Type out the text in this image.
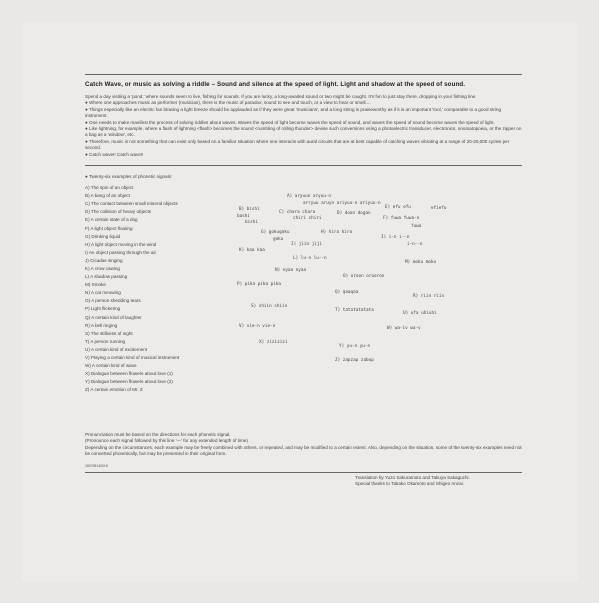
Catch Wave, or music as solving a riddle – Sound and silence at the speed of light. Light and shadow at the speed of sound.

Spend a day visiting a 'pond,' where sounds seem to live, fishing for sounds. If you are lucky, a long-awaited sound or two might be caught. It's fun to just stay there, dropping in your fishing line.

● Where one approaches music as performer (musician), there is the music of paradox; sound to see and touch, or a view to hear or smell....

● Things especially like an electric fan blowing a light breeze should be applauded as if they were great 'musicians', and a long string is praiseworthy as if it is an important 'tool,' comparable to a good string instrument.

● One needs to make manifest the process of solving riddles about waves. Waves the speed of light become waves the speed of sound, and waves the speed of sound become waves the speed of light.

● Like lightning, for example, where a flash of lightning <flash> becomes the sound <rumbling of rolling thunder> devise such conversions using a photoelectric transducer, electronics, onomatopoeia, or the zipper on a bag as a 'window', etc.

● Therefore, music is not something that can exist only based on a familiar situation where one interacts with aural circuits that are at best capable of catching waves vibrating at a range of 20-20,000 cycles per second.

● Catch wave!! Catch wave!!

● Twenty-six examples of phonetic signals:
A) The spin of an object
B) A bang of an object
C) The contact between small mineral objects
D) The collision of heavy objects
E) A certain state of a dog
F) A light object floating
G) Drinking liquid
H) A light object moving in the wind
I) An object passing through the air
J) Cicadas singing
K) A crow cawing
L) A shadow passing
M) Smoke
N) A cat meowing
O) A person shedding tears
P) Light flickering
Q) A certain kind of laughter
R) A bell ringing
S) The stillness of night
T) A person running
U) A certain kind of excitement
V) Playing a certain kind of musical instrument
W) A certain kind of wave
X) Dialogue between flowers about love (1)
Y) Dialogue between flowers about love (2)
Z) A certain emotion of Mr. Z
A) aryuun aryuu-n
arryuu aruyn ariyuu-n ariyuu-n
B) bishi
bashi
bishi
C) chara chara
chiri chiri
D) doan dogan
E) efu efu	efiefo
F) fuwa fuwa-n
fuwa
G) gokugoku
goku
H) hira hira
I) i-n i--n
i-n--n
J) jiin jiji
K) kaa kaa
L) lu-n lu--n
N) nyaa nyaa
M) moku moku
O) oroon orooron
P) pika pika pika
Q) qaaqaa
R) riin riin
S) shiin shiin
T) tatatatatata
U) ufa uhiuhi
V) vie-n vie-n	W) wa-iv wa-v
X) zizizizi
Y) yu-n yu-n
Z) zapzap zabop

Pronunciation must be based on the directions for each phonetic signal.

(Pronounce each signal followed by this line '—' for any extended length of time)

Depending on the circumstances, each example may be freely combined with others, or repeated, and may be modified to a certain extent. Also, depending on the situation, some of the twenty-six examples need not be converted phonetically, but may be presented in their original form.

18075814001H

Translation by Yuzo Sakuramoto and Takuya Sakaguchi.

Special thanks to Takako Okamoto and Shigeo Anzai.
